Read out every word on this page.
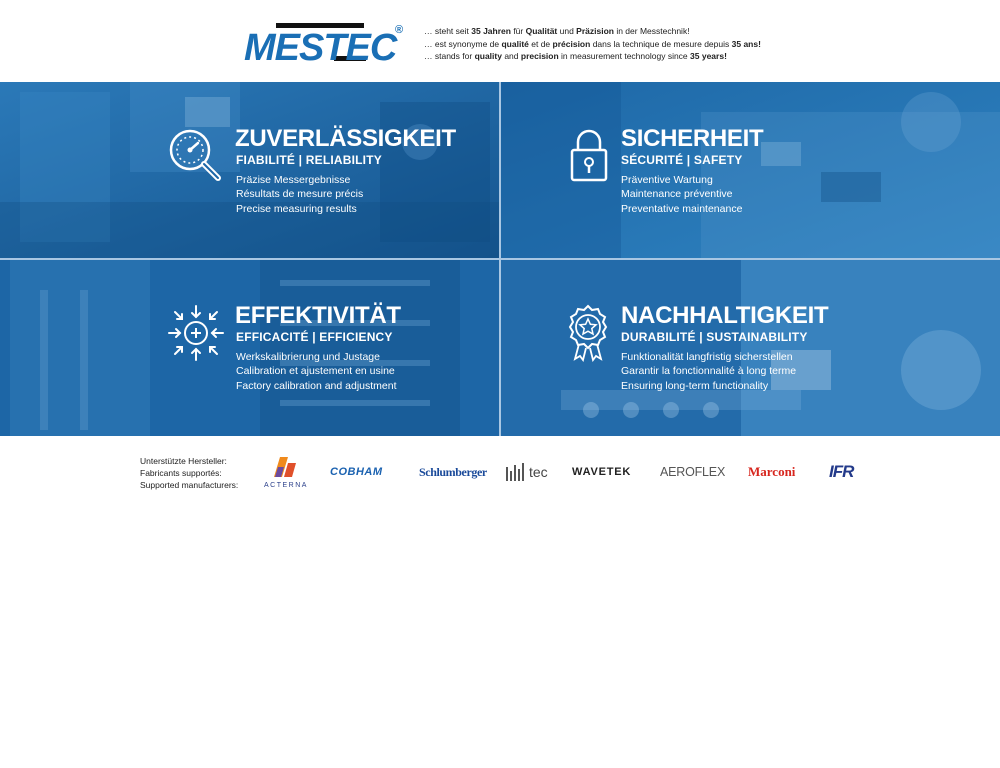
MESTEC
® … steht seit 35 Jahren für Qualität und Präzision in der Messtechnik!
… est synonyme de qualité et de précision dans la technique de mesure depuis 35 ans!
… stands for quality and precision in measurement technology since 35 years!
ZUVERLÄSSIGKEIT
FIABILITÉ | RELIABILITY
Präzise Messergebnisse
Résultats de mesure précis
Precise measuring results
SICHERHEIT
SÉCURITÉ | SAFETY
Präventive Wartung
Maintenance préventive
Preventative maintenance
EFFEKTIVITÄT
EFFICACITÉ | EFFICIENCY
Werkskalibrierung und Justage
Calibration et ajustement en usine
Factory calibration and adjustment
NACHHALTIGKEIT
DURABILITÉ | SUSTAINABILITY
Funktionalität langfristig sicherstellen
Garantir la fonctionnalité à long terme
Ensuring long-term functionality
Unterstützte Hersteller:
Fabricants supportés:
Supported manufacturers:	ACTERNA
COBHAM	Schlumberger	tec WAVETEK AEROFLEX Marconi IFR
